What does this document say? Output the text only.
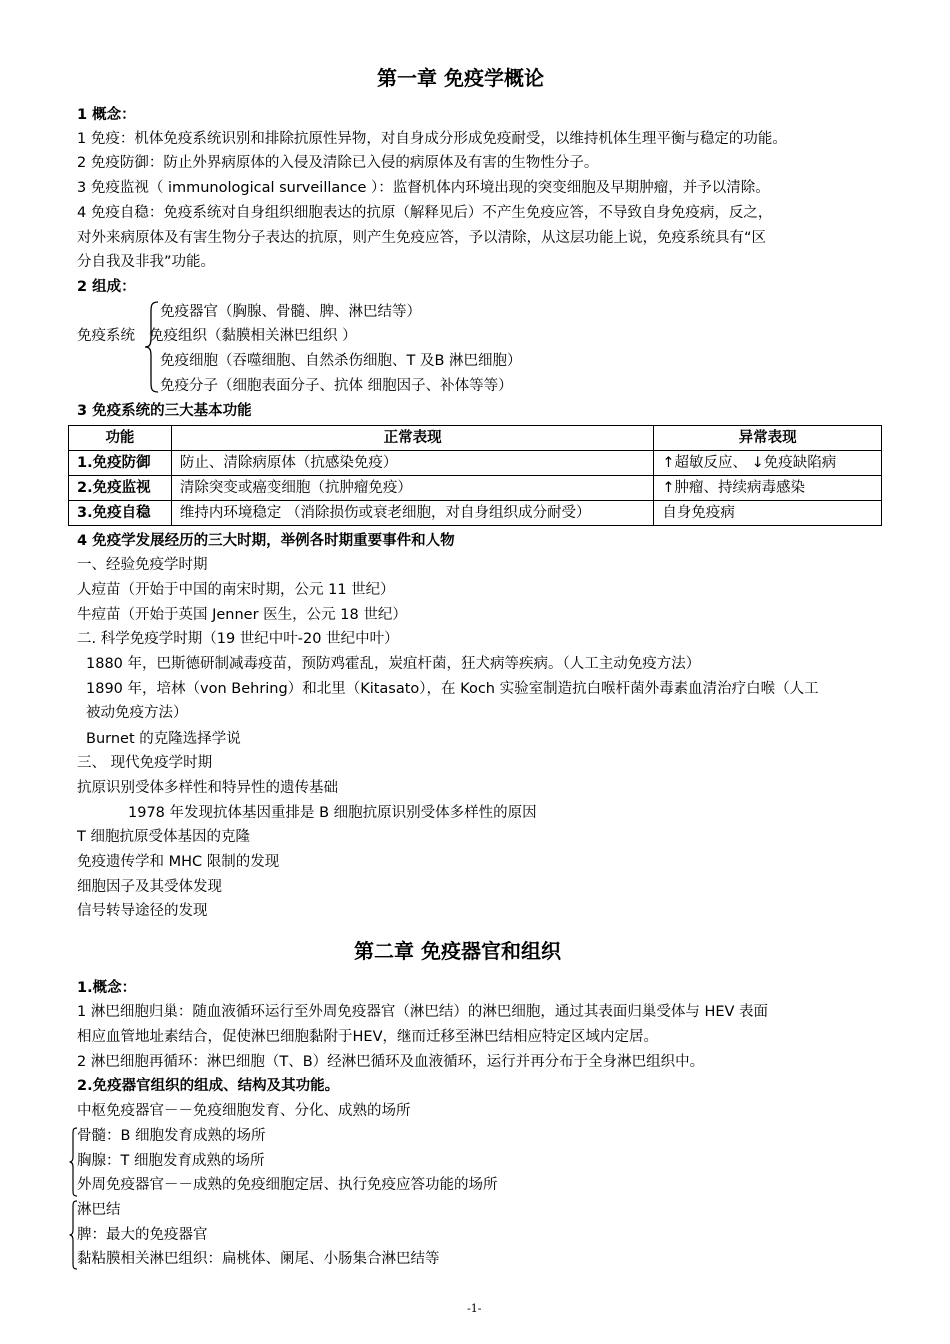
第一章 免疫学概论
1 概念：
1 免疫：机体免疫系统识别和排除抗原性异物，对自身成分形成免疫耐受，以维持机体生理平衡与稳定的功能。
2 免疫防御：防止外界病原体的入侵及清除已入侵的病原体及有害的生物性分子。
3 免疫监视（ immunological surveillance ）：监督机体内环境出现的突变细胞及早期肿瘤，并予以清除。
4 免疫自稳：免疫系统对自身组织细胞表达的抗原（解释见后）不产生免疫应答，不导致自身免疫病，反之，
对外来病原体及有害生物分子表达的抗原，则产生免疫应答，予以清除，从这层功能上说，免疫系统具有“区
分自我及非我”功能。
2 组成：
免疫系统
免疫器官（胸腺、骨髓、脾、淋巴结等）
免疫组织（黏膜相关淋巴组织 ）
免疫细胞（吞噬细胞、自然杀伤细胞、T 及B 淋巴细胞）
免疫分子（细胞表面分子、抗体 细胞因子、补体等等）
3 免疫系统的三大基本功能
功能	正常表现	异常表现
1.免疫防御	防止、清除病原体（抗感染免疫）	↑超敏反应、 ↓免疫缺陷病
2.免疫监视	清除突变或癌变细胞（抗肿瘤免疫）	↑肿瘤、持续病毒感染
3.免疫自稳	维持内环境稳定 （消除损伤或衰老细胞，对自身组织成分耐受）	自身免疫病
4 免疫学发展经历的三大时期，举例各时期重要事件和人物
一、经验免疫学时期
人痘苗（开始于中国的南宋时期，公元 11 世纪）
牛痘苗（开始于英国 Jenner 医生，公元 18 世纪）
二. 科学免疫学时期（19 世纪中叶-20 世纪中叶）
1880 年，巴斯德研制减毒疫苗，预防鸡霍乱，炭疽杆菌，狂犬病等疾病。（人工主动免疫方法）
1890 年，培林（von Behring）和北里（Kitasato），在 Koch 实验室制造抗白喉杆菌外毒素血清治疗白喉（人工
被动免疫方法）
Burnet 的克隆选择学说
三、 现代免疫学时期
抗原识别受体多样性和特异性的遗传基础
1978 年发现抗体基因重排是 B 细胞抗原识别受体多样性的原因
T 细胞抗原受体基因的克隆
免疫遗传学和 MHC 限制的发现
细胞因子及其受体发现
信号转导途径的发现
第二章 免疫器官和组织
1.概念：
1 淋巴细胞归巢：随血液循环运行至外周免疫器官（淋巴结）的淋巴细胞，通过其表面归巢受体与 HEV 表面
相应血管地址素结合，促使淋巴细胞黏附于HEV，继而迁移至淋巴结相应特定区域内定居。
2 淋巴细胞再循环：淋巴细胞（T、B）经淋巴循环及血液循环，运行并再分布于全身淋巴组织中。
2.免疫器官组织的组成、结构及其功能。
中枢免疫器官－－免疫细胞发育、分化、成熟的场所
骨髓：B 细胞发育成熟的场所
胸腺：T 细胞发育成熟的场所
外周免疫器官－－成熟的免疫细胞定居、执行免疫应答功能的场所
淋巴结
脾：最大的免疫器官
黏粘膜相关淋巴组织：扁桃体、阑尾、小肠集合淋巴结等
-1-
